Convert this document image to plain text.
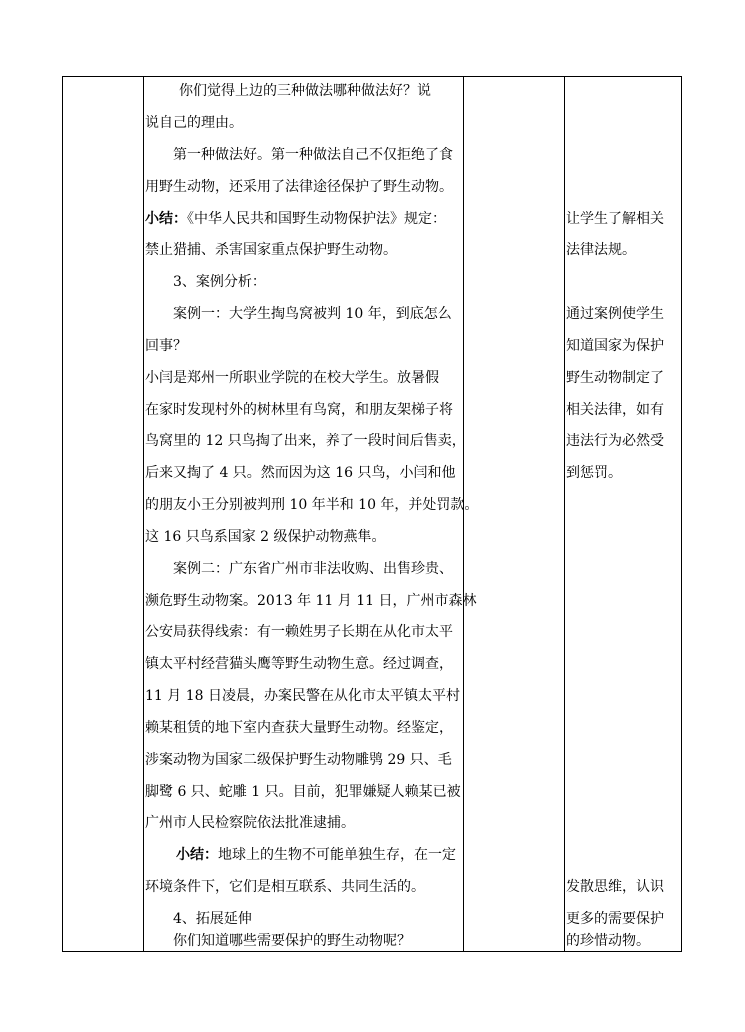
　　你们觉得上边的三种做法哪种做法好？说
说自己的理由。
　　第一种做法好。第一种做法自己不仅拒绝了食
用野生动物，还采用了法律途径保护了野生动物。
小结：《中华人民共和国野生动物保护法》规定：
禁止猎捕、杀害国家重点保护野生动物。
　　3、案例分析：
　　案例一：大学生掏鸟窝被判 10 年，到底怎么
回事？
小闫是郑州一所职业学院的在校大学生。放暑假
在家时发现村外的树林里有鸟窝，和朋友架梯子将
鸟窝里的 12 只鸟掏了出来，养了一段时间后售卖，
后来又掏了 4 只。然而因为这 16 只鸟，小闫和他
的朋友小王分别被判刑 10 年半和 10 年，并处罚款。
这 16 只鸟系国家 2 级保护动物燕隼。
　　案例二：广东省广州市非法收购、出售珍贵、
濒危野生动物案。2013 年 11 月 11 日，广州市森林
公安局获得线索：有一赖姓男子长期在从化市太平
镇太平村经营猫头鹰等野生动物生意。经过调查，
11 月 18 日凌晨，办案民警在从化市太平镇太平村
赖某租赁的地下室内查获大量野生动物。经鉴定，
涉案动物为国家二级保护野生动物雕鸮 29 只、毛
脚鹭 6 只、蛇雕 1 只。目前，犯罪嫌疑人赖某已被
广州市人民检察院依法批准逮捕。
小结：地球上的生物不可能单独生存，在一定
环境条件下，它们是相互联系、共同生活的。
　　4、拓展延伸
　　你们知道哪些需要保护的野生动物呢？
让学生了解相关
法律法规。
通过案例使学生
知道国家为保护
野生动物制定了
相关法律，如有
违法行为必然受
到惩罚。
发散思维，认识
更多的需要保护
的珍惜动物。
